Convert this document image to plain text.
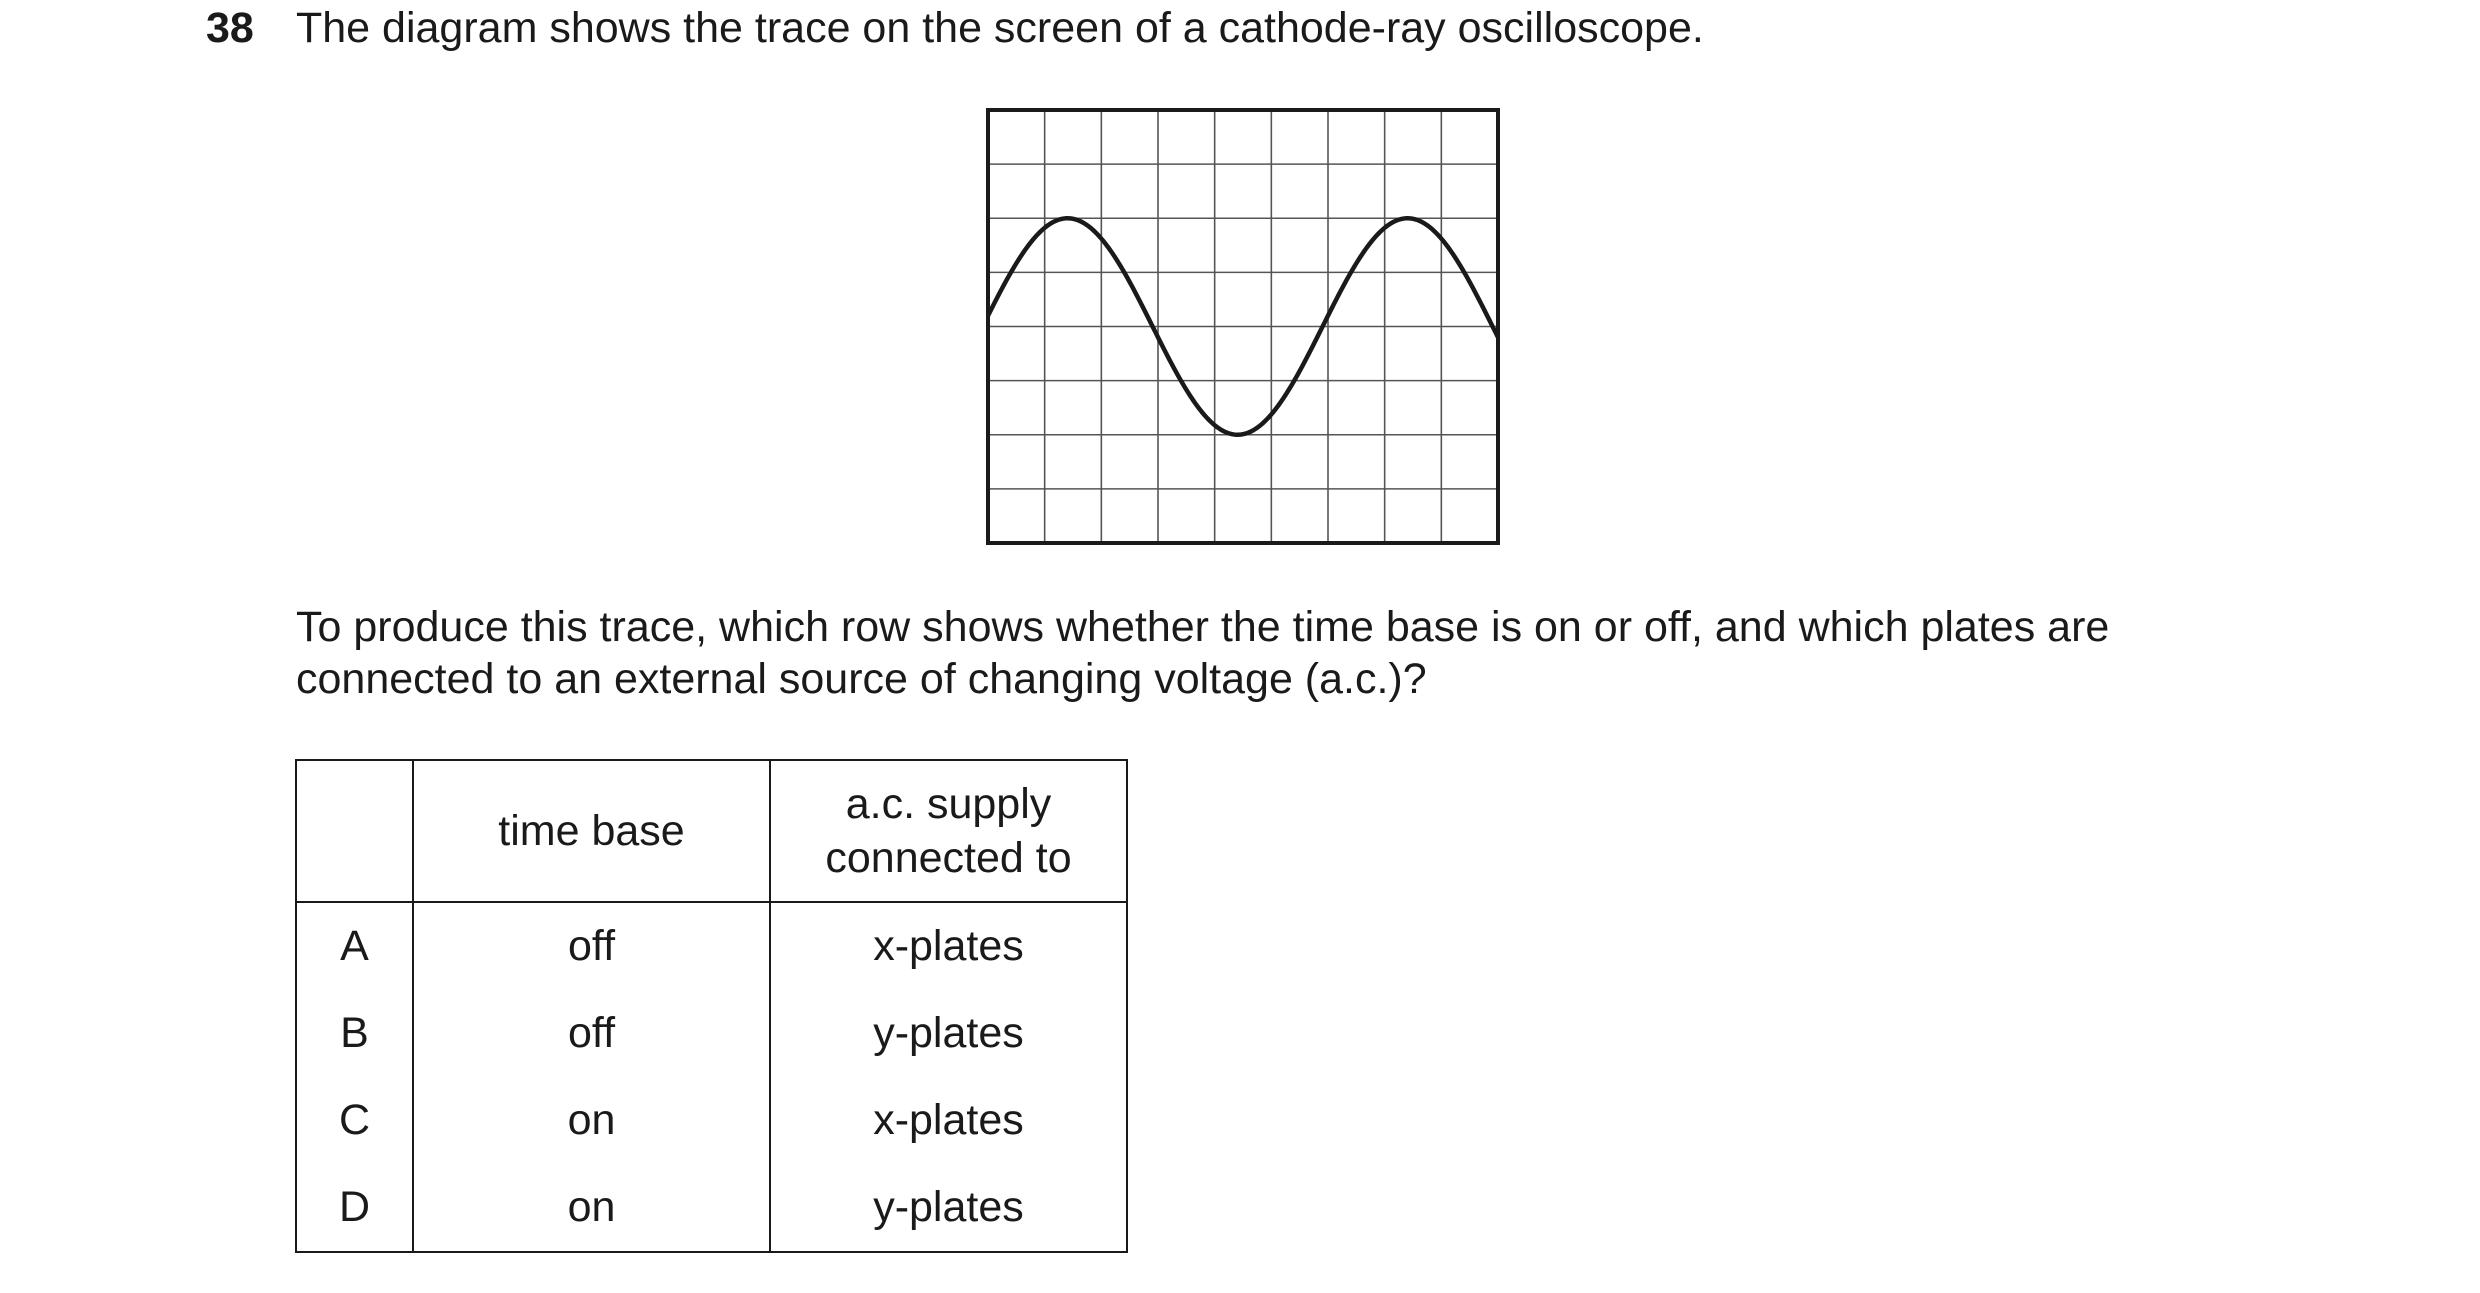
38 The diagram shows the trace on the screen of a cathode-ray oscilloscope.
To produce this trace, which row shows whether the time base is on or off, and which plates are
connected to an external source of changing voltage (a.c.)?
	time base	a.c. supply
connected to

A	off	x-plates
B	off	y-plates
C	on	x-plates
D	on	y-plates
